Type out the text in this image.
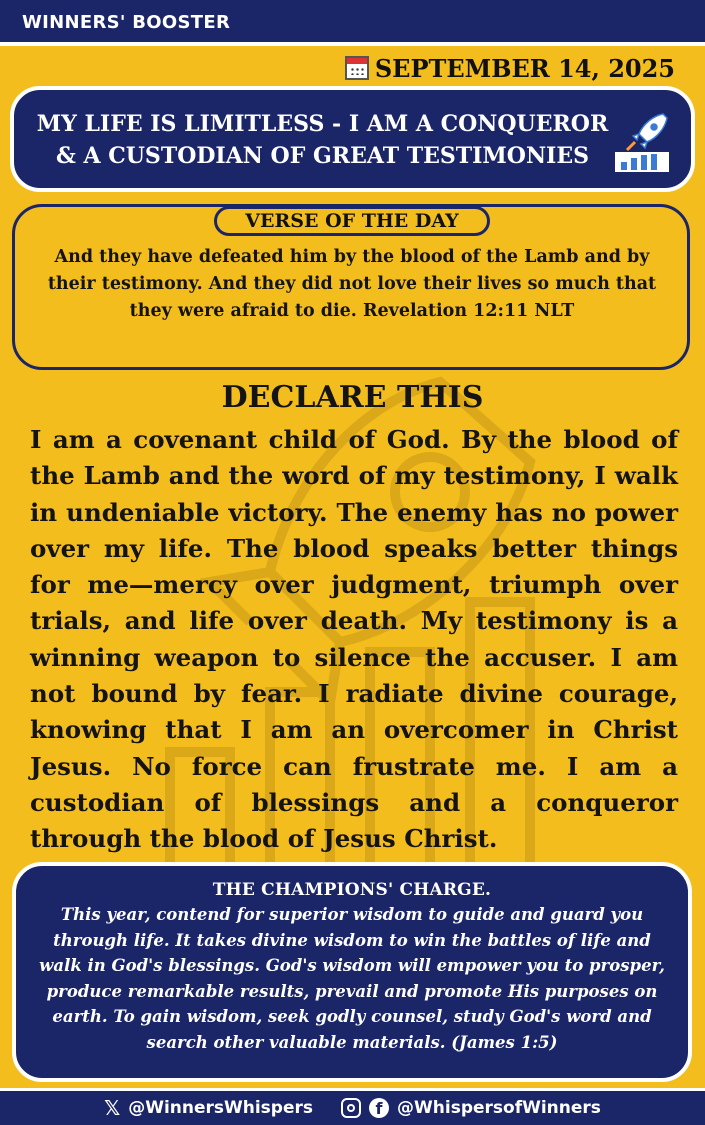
WINNERS' BOOSTER
SEPTEMBER 14, 2025
MY LIFE IS LIMITLESS - I AM A CONQUEROR
& A CUSTODIAN OF GREAT TESTIMONIES
VERSE OF THE DAY
And they have defeated him by the blood of the Lamb and by their testimony. And they did not love their lives so much that they were afraid to die. Revelation 12:11 NLT
DECLARE THIS
I am a covenant child of God. By the blood of the Lamb and the word of my testimony, I walk in undeniable victory. The enemy has no power over my life. The blood speaks better things for me—mercy over judgment, triumph over trials, and life over death. My testimony is a winning weapon to silence the accuser. I am not bound by fear. I radiate divine courage, knowing that I am an overcomer in Christ Jesus. No force can frustrate me. I am a custodian of blessings and a conqueror through the blood of Jesus Christ.
THE CHAMPIONS' CHARGE.
This year, contend for superior wisdom to guide and guard you through life. It takes divine wisdom to win the battles of life and walk in God's blessings. God's wisdom will empower you to prosper, produce remarkable results, prevail and promote His purposes on earth. To gain wisdom, seek godly counsel, study God's word and search other valuable materials. (James 1:5)
𝕏 @WinnersWhispers	f @WhispersofWinners
